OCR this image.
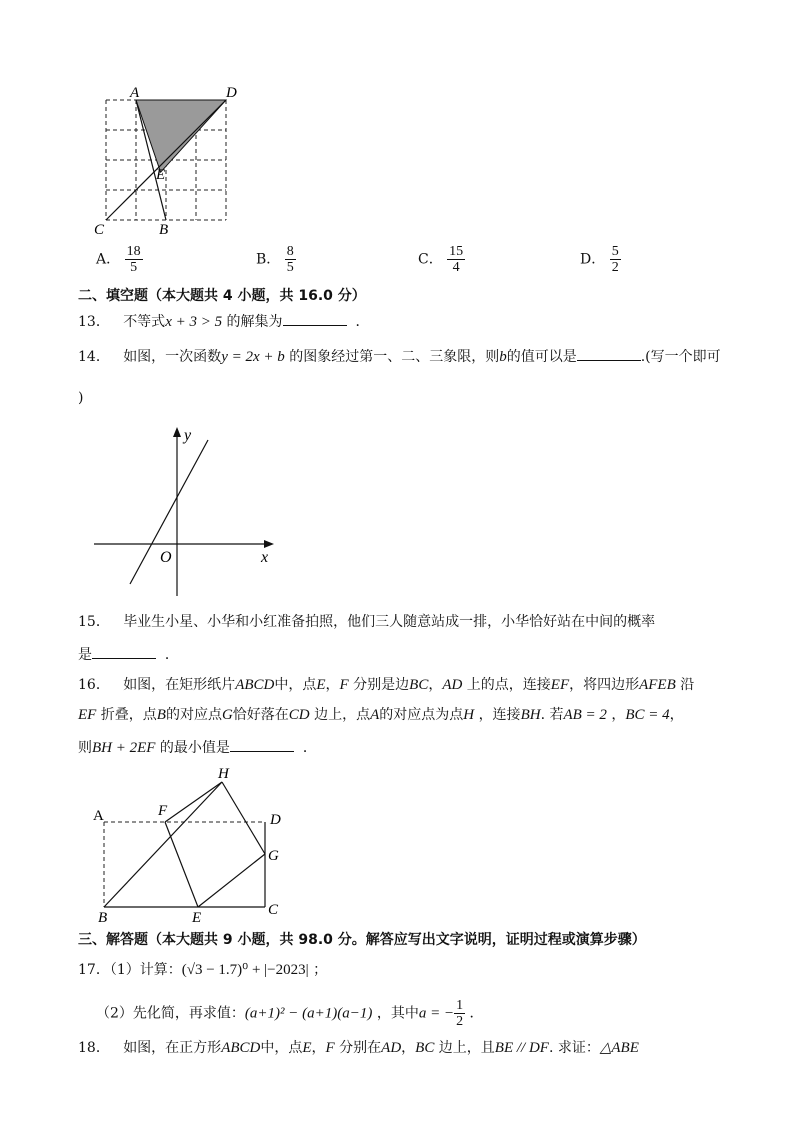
A	D
E
C	B
A． $\frac{18}{5}$	B． $\frac{8}{5}$	C． $\frac{15}{4}$	D． $\frac{5}{2}$
二、填空题（本大题共 4 小题，共 16.0 分）
13． 不等式x + 3 > 5 的解集为	．
14． 如图，一次函数y = 2x + b 的图象经过第一、二、三象限，则b的值可以是	.(写一个即可
)
y
x
O
15． 毕业生小星、小华和小红准备拍照，他们三人随意站成一排，小华恰好站在中间的概率
是	．
16． 如图，在矩形纸片ABCD中，点E，F 分别是边BC，AD 上的点，连接EF，将四边形AFEB 沿
EF 折叠，点B的对应点G恰好落在CD 边上，点A的对应点为点H ，连接BH. 若AB = 2 ，BC = 4，
则BH + 2EF 的最小值是	．
H
A	F
D
G
B	E	C
三、解答题（本大题共 9 小题，共 98.0 分。解答应写出文字说明，证明过程或演算步骤）
17．（1）计算：(√3 − 1.7)⁰ + |−2023| ；
（2）先化简，再求值：(a+1)² − (a+1)(a−1) ，其中a = − $\frac{1}{2}$ ．
18． 如图，在正方形ABCD中，点E，F 分别在AD，BC 边上，且BE // DF. 求证：△ABE
